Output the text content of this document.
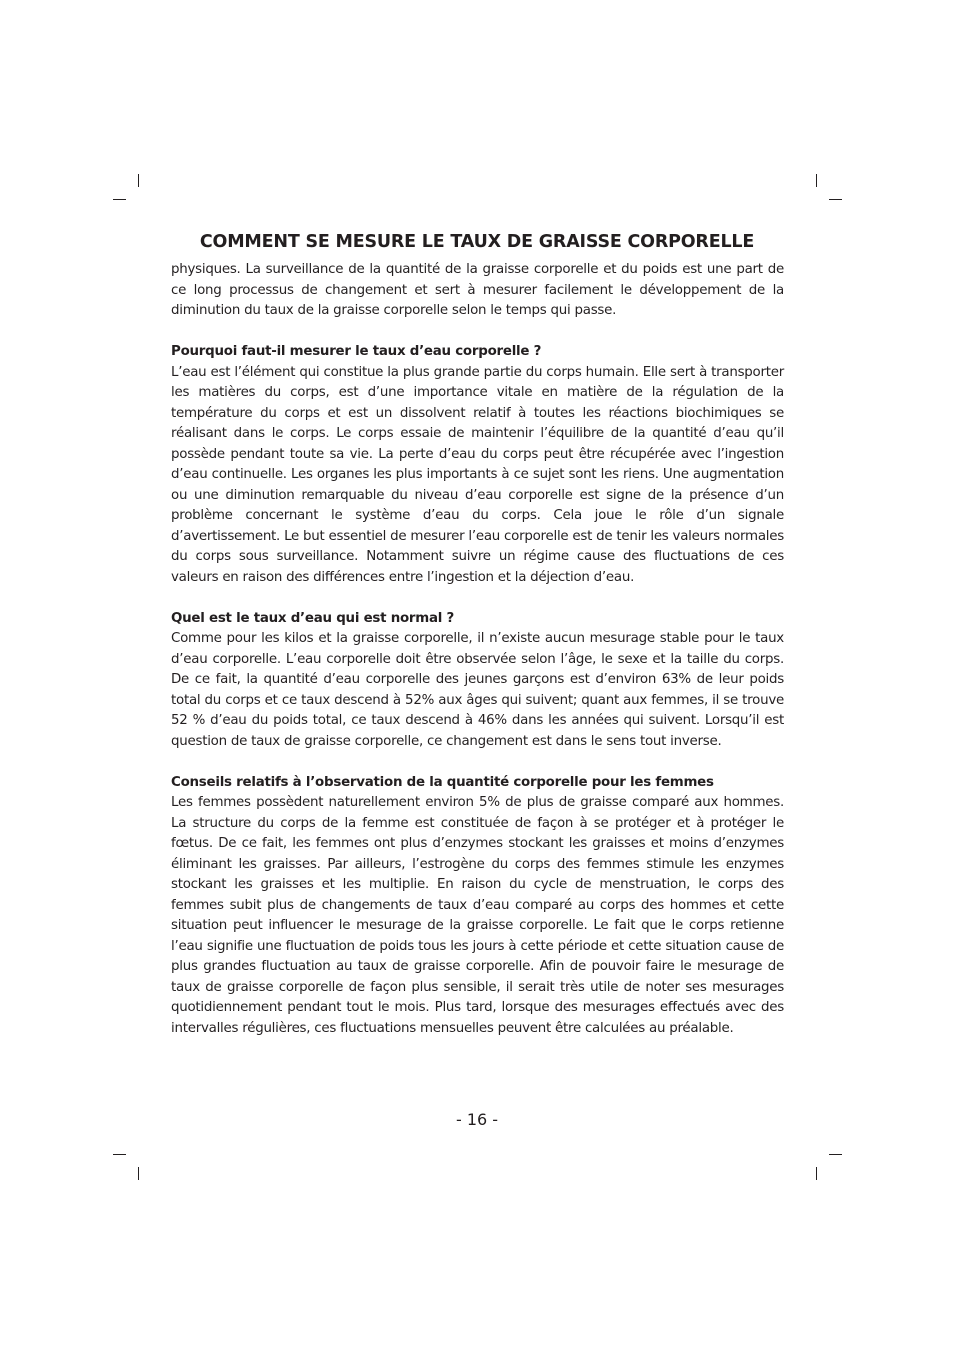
COMMENT SE MESURE LE TAUX DE GRAISSE CORPORELLE

physiques. La surveillance de la quantité de la graisse corporelle et du poids est une part de ce long processus de changement et sert à mesurer facilement le développement de la diminution du taux de la graisse corporelle selon le temps qui passe.

Pourquoi faut-il mesurer le taux d’eau corporelle ?

L’eau est l’élément qui constitue la plus grande partie du corps humain. Elle sert à transporter les matières du corps, est d’une importance vitale en matière de la régulation de la température du corps et est un dissolvent relatif à toutes les réactions biochimiques se réalisant dans le corps. Le corps essaie de maintenir l’équilibre de la quantité d’eau qu’il possède pendant toute sa vie. La perte d’eau du corps peut être récupérée avec l’ingestion d’eau continuelle. Les organes les plus importants à ce sujet sont les riens. Une augmentation ou une diminution remarquable du niveau d’eau corporelle est signe de la présence d’un problème concernant le système d’eau du corps. Cela joue le rôle d’un signale d’avertissement. Le but essentiel de mesurer l’eau corporelle est de tenir les valeurs normales du corps sous surveillance. Notamment suivre un régime cause des fluctuations de ces valeurs en raison des différences entre l’ingestion et la déjection d’eau.

Quel est le taux d’eau qui est normal ?

Comme pour les kilos et la graisse corporelle, il n’existe aucun mesurage stable pour le taux d’eau corporelle. L’eau corporelle doit être observée selon l’âge, le sexe et la taille du corps. De ce fait, la quantité d’eau corporelle des jeunes garçons est d’environ 63% de leur poids total du corps et ce taux descend à 52% aux âges qui suivent; quant aux femmes, il se trouve 52 % d’eau du poids total, ce taux descend à 46% dans les années qui suivent. Lorsqu’il est question de taux de graisse corporelle, ce changement est dans le sens tout inverse.

Conseils relatifs à l’observation de la quantité corporelle pour les femmes

Les femmes possèdent naturellement environ 5% de plus de graisse comparé aux hommes. La structure du corps de la femme est constituée de façon à se protéger et à protéger le fœtus. De ce fait, les femmes ont plus d’enzymes stockant les graisses et moins d’enzymes éliminant les graisses. Par ailleurs, l’estrogène du corps des femmes stimule les enzymes stockant les graisses et les multiplie. En raison du cycle de menstruation, le corps des femmes subit plus de changements de taux d’eau comparé au corps des hommes et cette situation peut influencer le mesurage de la graisse corporelle. Le fait que le corps retienne l’eau signifie une fluctuation de poids tous les jours à cette période et cette situation cause de plus grandes fluctuation au taux de graisse corporelle. Afin de pouvoir faire le mesurage de taux de graisse corporelle de façon plus sensible, il serait très utile de noter ses mesurages quotidiennement pendant tout le mois. Plus tard, lorsque des mesurages effectués avec des intervalles régulières, ces fluctuations mensuelles peuvent être calculées au préalable.

- 16 -
